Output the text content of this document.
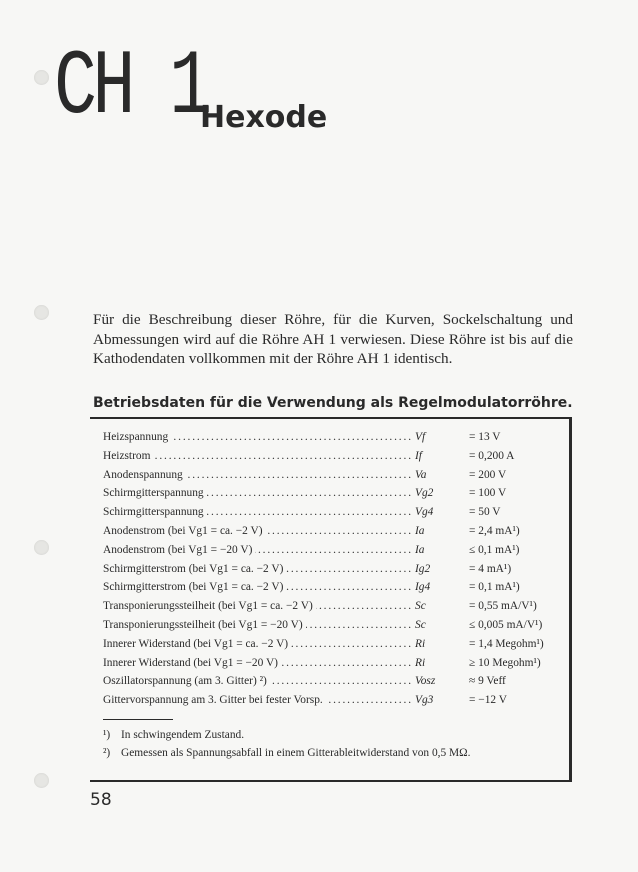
CH 1
Hexode
Für die Beschreibung dieser Röhre, für die Kurven, Sockelschaltung und Abmessungen wird auf die Röhre AH 1 verwiesen. Diese Röhre ist bis auf die Kathodendaten vollkommen mit der Röhre AH 1 identisch.
Betriebsdaten für die Verwendung als Regelmodulatorröhre.
Heizspannung . . .	Vf	= 13 V
Heizstrom . . .	If	= 0,200 A
Anodenspannung . . .	Va	= 200 V
Schirmgitterspannung . . .	Vg2	= 100 V
Schirmgitterspannung . . .	Vg4	= 50 V
Anodenstrom (bei Vg1 = ca. −2 V) . . .	Ia	= 2,4 mA¹)
Anodenstrom (bei Vg1 = −20 V) . . .	Ia	≤ 0,1 mA¹)
Schirmgitterstrom (bei Vg1 = ca. −2 V) . . .	Ig2	= 4 mA¹)
Schirmgitterstrom (bei Vg1 = ca. −2 V) . . .	Ig4	= 0,1 mA¹)
Transponierungssteilheit (bei Vg1 = ca. −2 V) . . .	Sc	= 0,55 mA/V¹)
Transponierungssteilheit (bei Vg1 = −20 V) . . .	Sc	≤ 0,005 mA/V¹)
Innerer Widerstand (bei Vg1 = ca. −2 V) . . .	Ri	= 1,4 Megohm¹)
Innerer Widerstand (bei Vg1 = −20 V) . . .	Ri	≥ 10 Megohm¹)
Oszillatorspannung (am 3. Gitter) ²) . . .	Vosz	≈ 9 Veff
Gittervorspannung am 3. Gitter bei fester Vorsp. . . .	Vg3	= −12 V
¹) In schwingendem Zustand.
²) Gemessen als Spannungsabfall in einem Gitterableitwiderstand von 0,5 MΩ.
58
